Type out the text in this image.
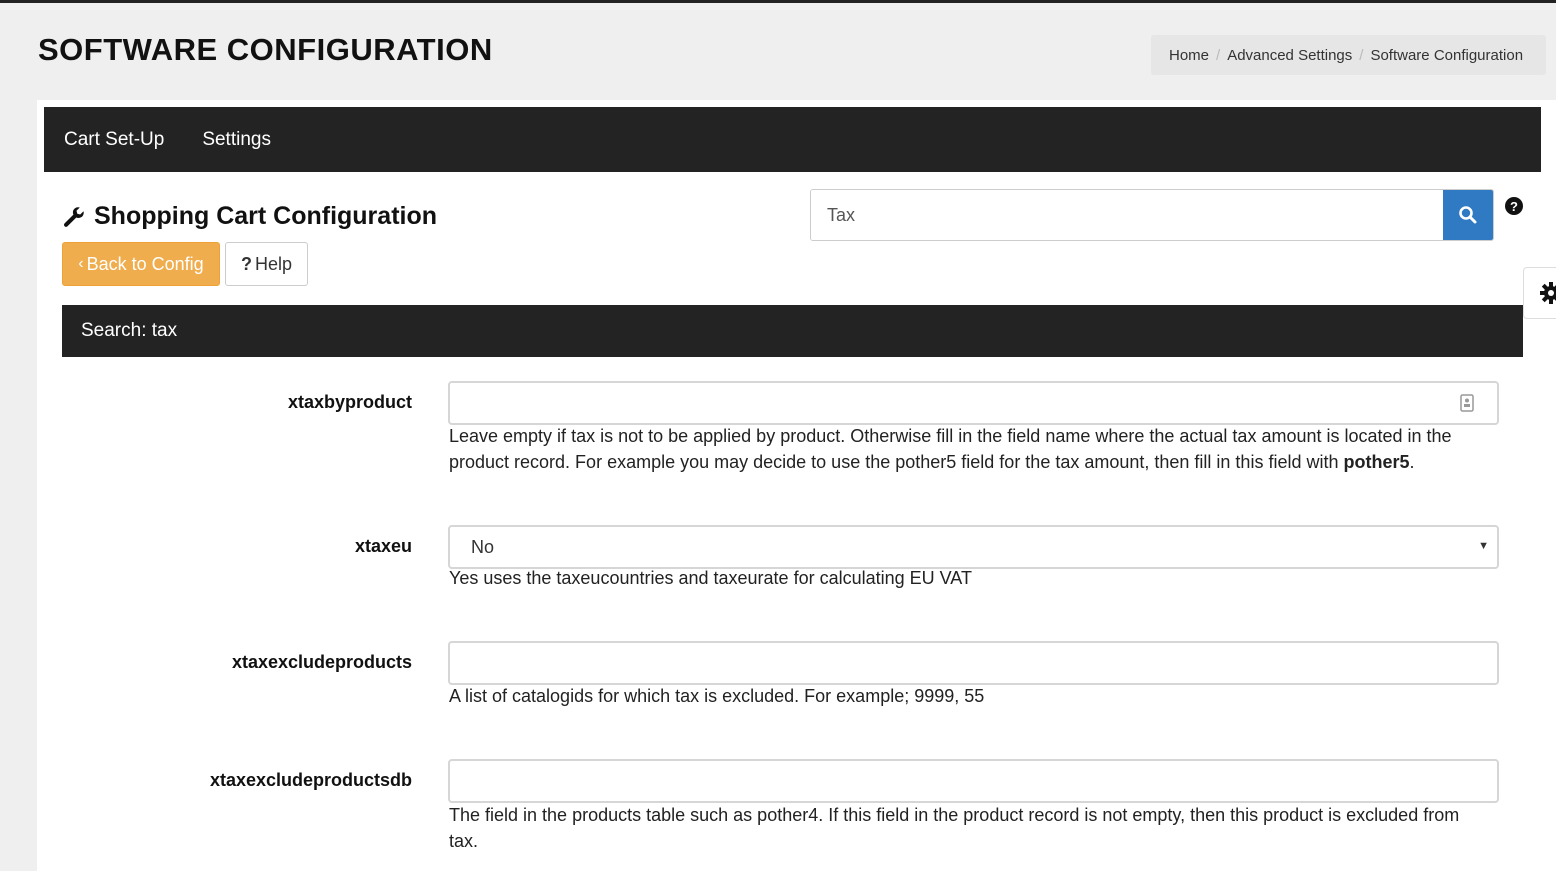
SOFTWARE CONFIGURATION	Home / Advanced Settings / Software Configuration
Cart Set-Up Settings
Shopping Cart Configuration
Tax	?
‹ Back to Config ? Help
Search: tax
xtaxbyproduct

Leave empty if tax is not to be applied by product. Otherwise fill in the field name where the actual tax amount is located in the product record. For example you may decide to use the pother5 field for the tax amount, then fill in this field with pother5.

xtaxeu	No	▼

Yes uses the taxeucountries and taxeurate for calculating EU VAT

xtaxexcludeproducts

A list of catalogids for which tax is excluded. For example; 9999, 55

xtaxexcludeproductsdb

The field in the products table such as pother4. If this field in the product record is not empty, then this product is excluded from tax.
